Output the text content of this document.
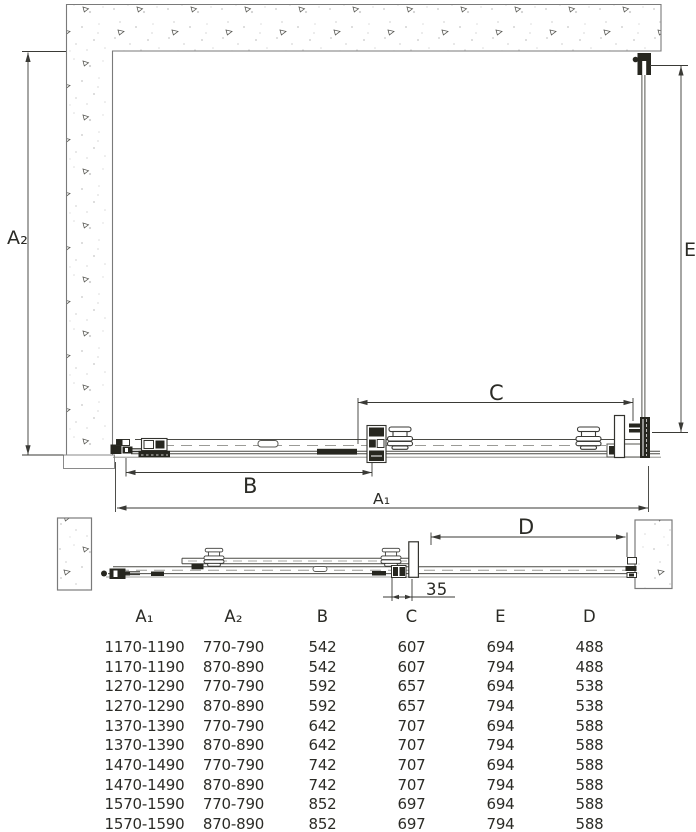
A₂
E
C
B
A₁
D
35
A₁	A₂	B	C	E	D
1170-1190	770-790	542	607	694	488
1170-1190	870-890	542	607	794	488
1270-1290	770-790	592	657	694	538
1270-1290	870-890	592	657	794	538
1370-1390	770-790	642	707	694	588
1370-1390	870-890	642	707	794	588
1470-1490	770-790	742	707	694	588
1470-1490	870-890	742	707	794	588
1570-1590	770-790	852	697	694	588
1570-1590	870-890	852	697	794	588
